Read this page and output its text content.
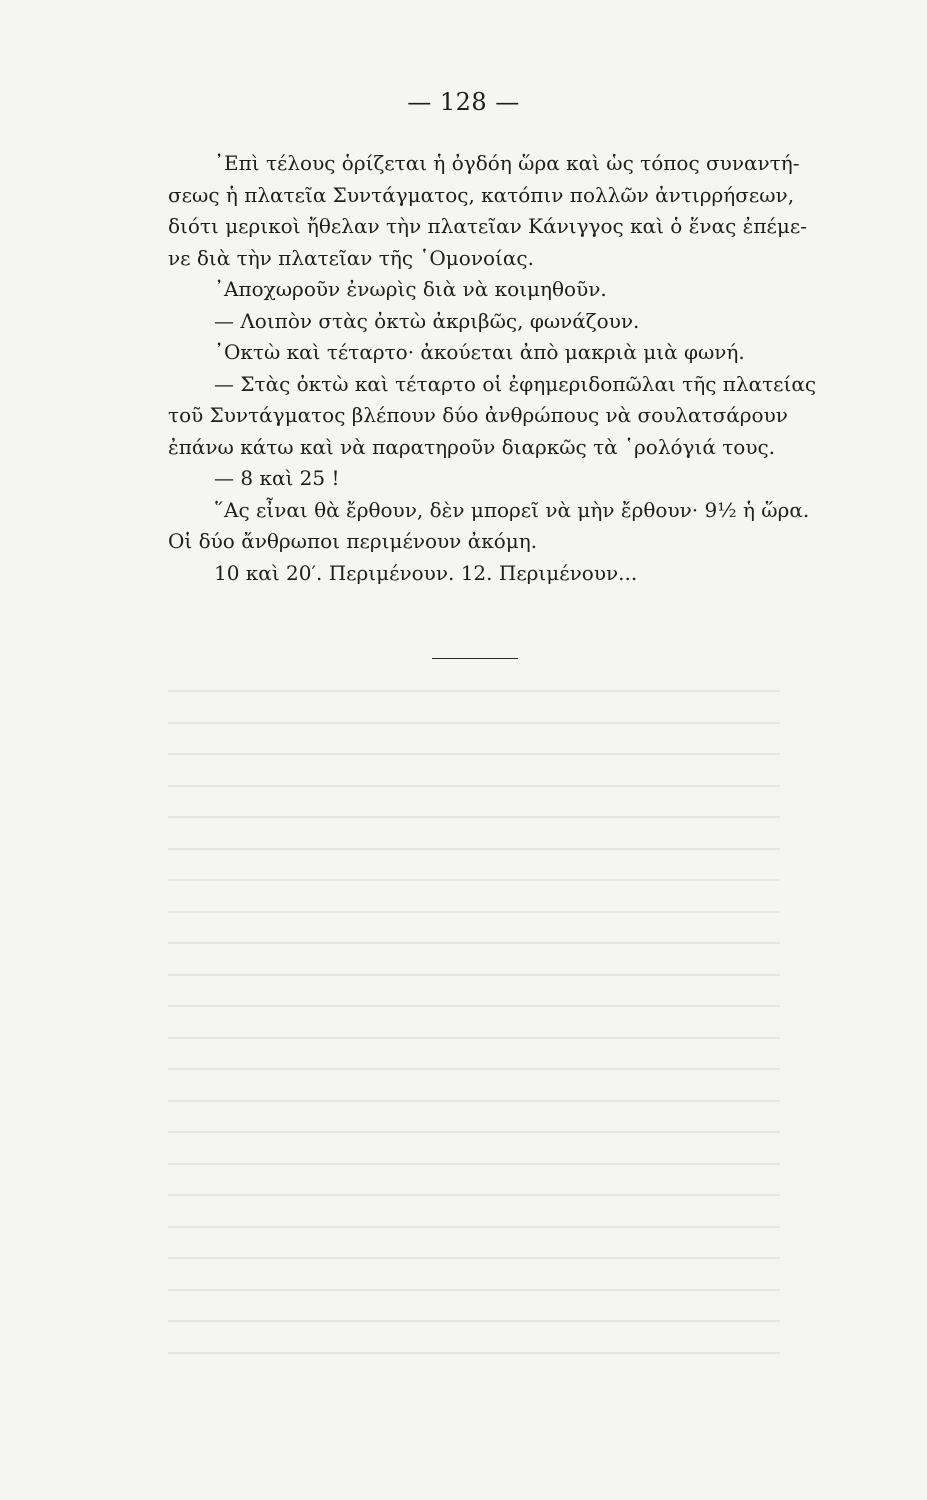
— 128 —
᾿Επὶ τέλους ὁρίζεται ἡ ὀγδόη ὥρα καὶ ὡς τόπος συναντή-
σεως ἡ πλατεῖα Συντάγματος, κατόπιν πολλῶν ἀντιρρήσεων,
διότι μερικοὶ ἤθελαν τὴν πλατεῖαν Κάνιγγος καὶ ὁ ἕνας ἐπέμε-
νε διὰ τὴν πλατεῖαν τῆς ῾Ομονοίας.
᾿Αποχωροῦν ἐνωρὶς διὰ νὰ κοιμηθοῦν.
— Λοιπὸν στὰς ὀκτὼ ἀκριβῶς, φωνάζουν.
᾿Οκτὼ καὶ τέταρτο· ἀκούεται ἀπὸ μακριὰ μιὰ φωνή.
— Στὰς ὀκτὼ καὶ τέταρτο οἱ ἐφημεριδοπῶλαι τῆς πλατείας
τοῦ Συντάγματος βλέπουν δύο ἀνθρώπους νὰ σουλατσάρουν
ἐπάνω κάτω καὶ νὰ παρατηροῦν διαρκῶς τὰ ῾ρολόγιά τους.
— 8 καὶ 25 !
῞Ας εἶναι θὰ ἔρθουν, δὲν μπορεῖ νὰ μὴν ἔρθουν· 9½ ἡ ὥρα.
Οἱ δύο ἄνθρωποι περιμένουν ἀκόμη.
10 καὶ 20′. Περιμένουν. 12. Περιμένουν...
